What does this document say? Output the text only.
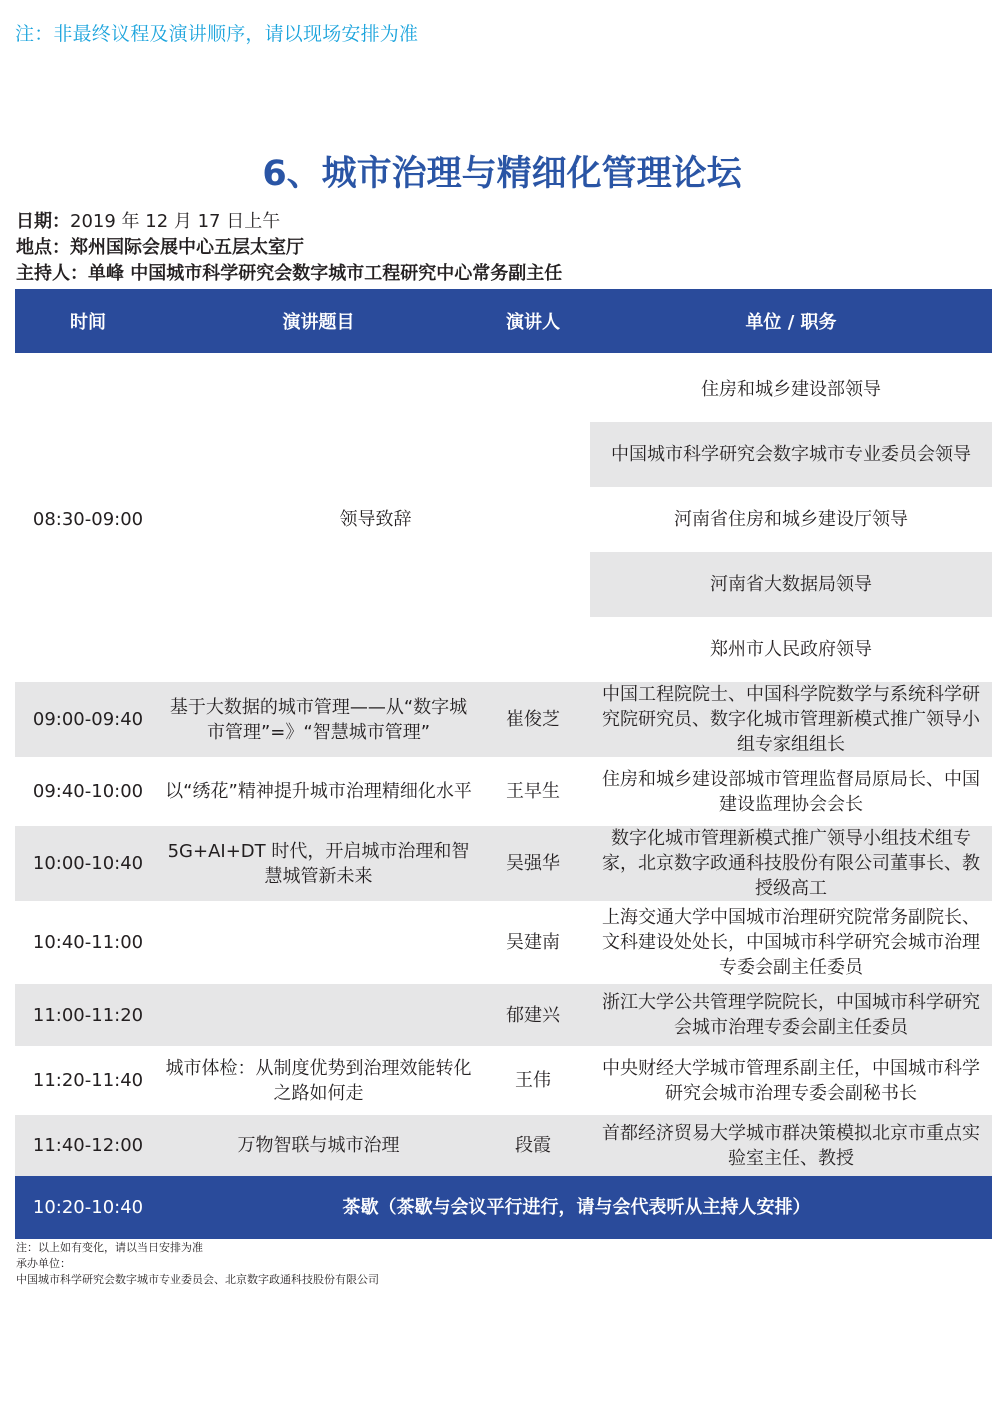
注：非最终议程及演讲顺序，请以现场安排为准
6、城市治理与精细化管理论坛
日期：2019 年 12 月 17 日上午
地点：郑州国际会展中心五层太室厅
主持人：单峰 中国城市科学研究会数字城市工程研究中心常务副主任
时间	演讲题目	演讲人	单位 / 职务

08:30-09:00	领导致辞		住房和城乡建设部领导
			中国城市科学研究会数字城市专业委员会领导
			河南省住房和城乡建设厅领导
			河南省大数据局领导
			郑州市人民政府领导
09:00-09:40	基于大数据的城市管理——从“数字城市管理”=》“智慧城市管理”	崔俊芝	中国工程院院士、中国科学院数学与系统科学研究院研究员、数字化城市管理新模式推广领导小组专家组组长

09:40-10:00	以“绣花”精神提升城市治理精细化水平	王早生	住房和城乡建设部城市管理监督局原局长、中国建设监理协会会长

10:00-10:40	5G+AI+DT 时代，开启城市治理和智慧城管新未来	吴强华	数字化城市管理新模式推广领导小组技术组专家，北京数字政通科技股份有限公司董事长、教授级高工

10:40-11:00		吴建南	上海交通大学中国城市治理研究院常务副院长、文科建设处处长，中国城市科学研究会城市治理专委会副主任委员

11:00-11:20		郁建兴	浙江大学公共管理学院院长，中国城市科学研究会城市治理专委会副主任委员

11:20-11:40	城市体检：从制度优势到治理效能转化之路如何走	王伟	中央财经大学城市管理系副主任，中国城市科学研究会城市治理专委会副秘书长

11:40-12:00	万物智联与城市治理	段霞	首都经济贸易大学城市群决策模拟北京市重点实验室主任、教授
10:20-10:40	茶歇（茶歇与会议平行进行，请与会代表听从主持人安排）		
注：以上如有变化，请以当日安排为准
承办单位：
中国城市科学研究会数字城市专业委员会、北京数字政通科技股份有限公司
